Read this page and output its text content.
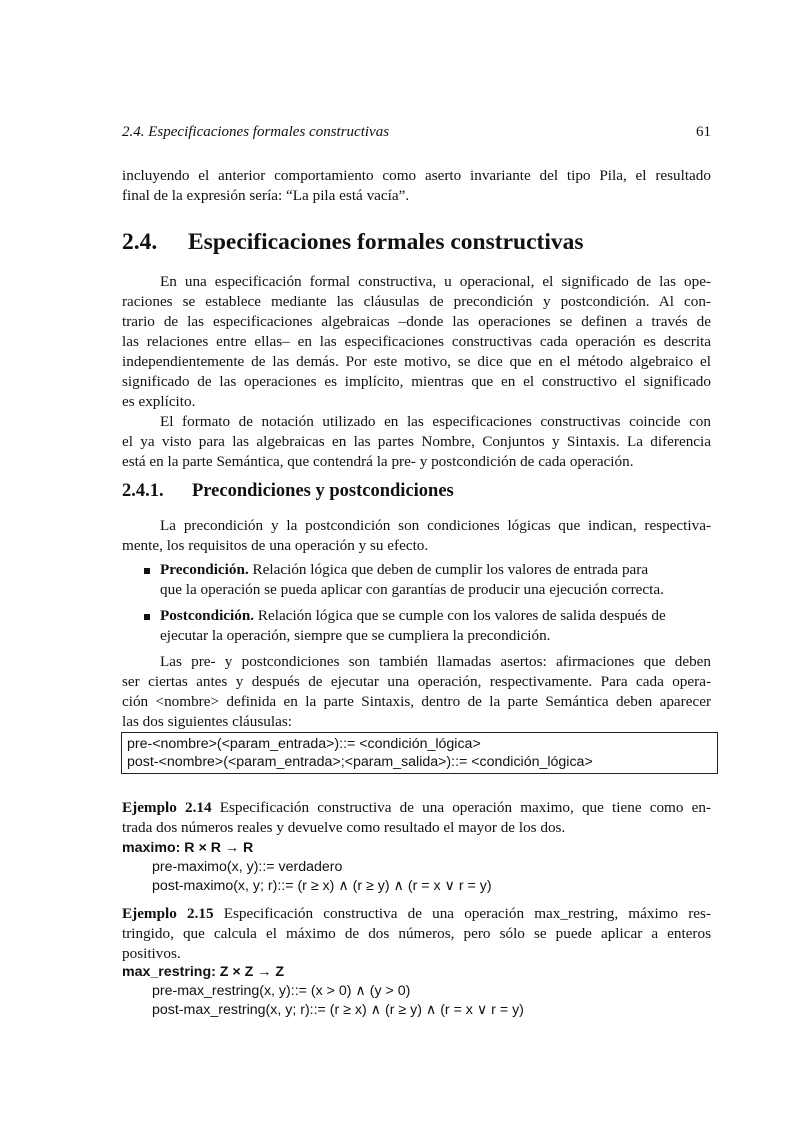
2.4. Especificaciones formales constructivas	61
incluyendo el anterior comportamiento como aserto invariante del tipo Pila, el resultado
final de la expresión sería: “La pila está vacía”.
2.4. Especificaciones formales constructivas
En una especificación formal constructiva, u operacional, el significado de las ope-
raciones se establece mediante las cláusulas de precondición y postcondición. Al con-
trario de las especificaciones algebraicas –donde las operaciones se definen a través de
las relaciones entre ellas– en las especificaciones constructivas cada operación es descrita
independientemente de las demás. Por este motivo, se dice que en el método algebraico el
significado de las operaciones es implícito, mientras que en el constructivo el significado
es explícito.
El formato de notación utilizado en las especificaciones constructivas coincide con
el ya visto para las algebraicas en las partes Nombre, Conjuntos y Sintaxis. La diferencia
está en la parte Semántica, que contendrá la pre- y postcondición de cada operación.
2.4.1. Precondiciones y postcondiciones
La precondición y la postcondición son condiciones lógicas que indican, respectiva-
mente, los requisitos de una operación y su efecto.
Precondición. Relación lógica que deben de cumplir los valores de entrada para
que la operación se pueda aplicar con garantías de producir una ejecución correcta.
Postcondición. Relación lógica que se cumple con los valores de salida después de
ejecutar la operación, siempre que se cumpliera la precondición.
Las pre- y postcondiciones son también llamadas asertos: afirmaciones que deben
ser ciertas antes y después de ejecutar una operación, respectivamente. Para cada opera-
ción <nombre> definida en la parte Sintaxis, dentro de la parte Semántica deben aparecer
las dos siguientes cláusulas:
pre-<nombre>(<param_entrada>)::= <condición_lógica>
post-<nombre>(<param_entrada>;<param_salida>)::= <condición_lógica>
Ejemplo 2.14 Especificación constructiva de una operación maximo, que tiene como en-
trada dos números reales y devuelve como resultado el mayor de los dos.
maximo: R × R → R
pre-maximo(x, y)::= verdadero
post-maximo(x, y; r)::= (r ≥ x) ∧ (r ≥ y) ∧ (r = x ∨ r = y)
Ejemplo 2.15 Especificación constructiva de una operación max_restring, máximo res-
tringido, que calcula el máximo de dos números, pero sólo se puede aplicar a enteros
positivos.
max_restring: Z × Z → Z
pre-max_restring(x, y)::= (x > 0) ∧ (y > 0)
post-max_restring(x, y; r)::= (r ≥ x) ∧ (r ≥ y) ∧ (r = x ∨ r = y)
